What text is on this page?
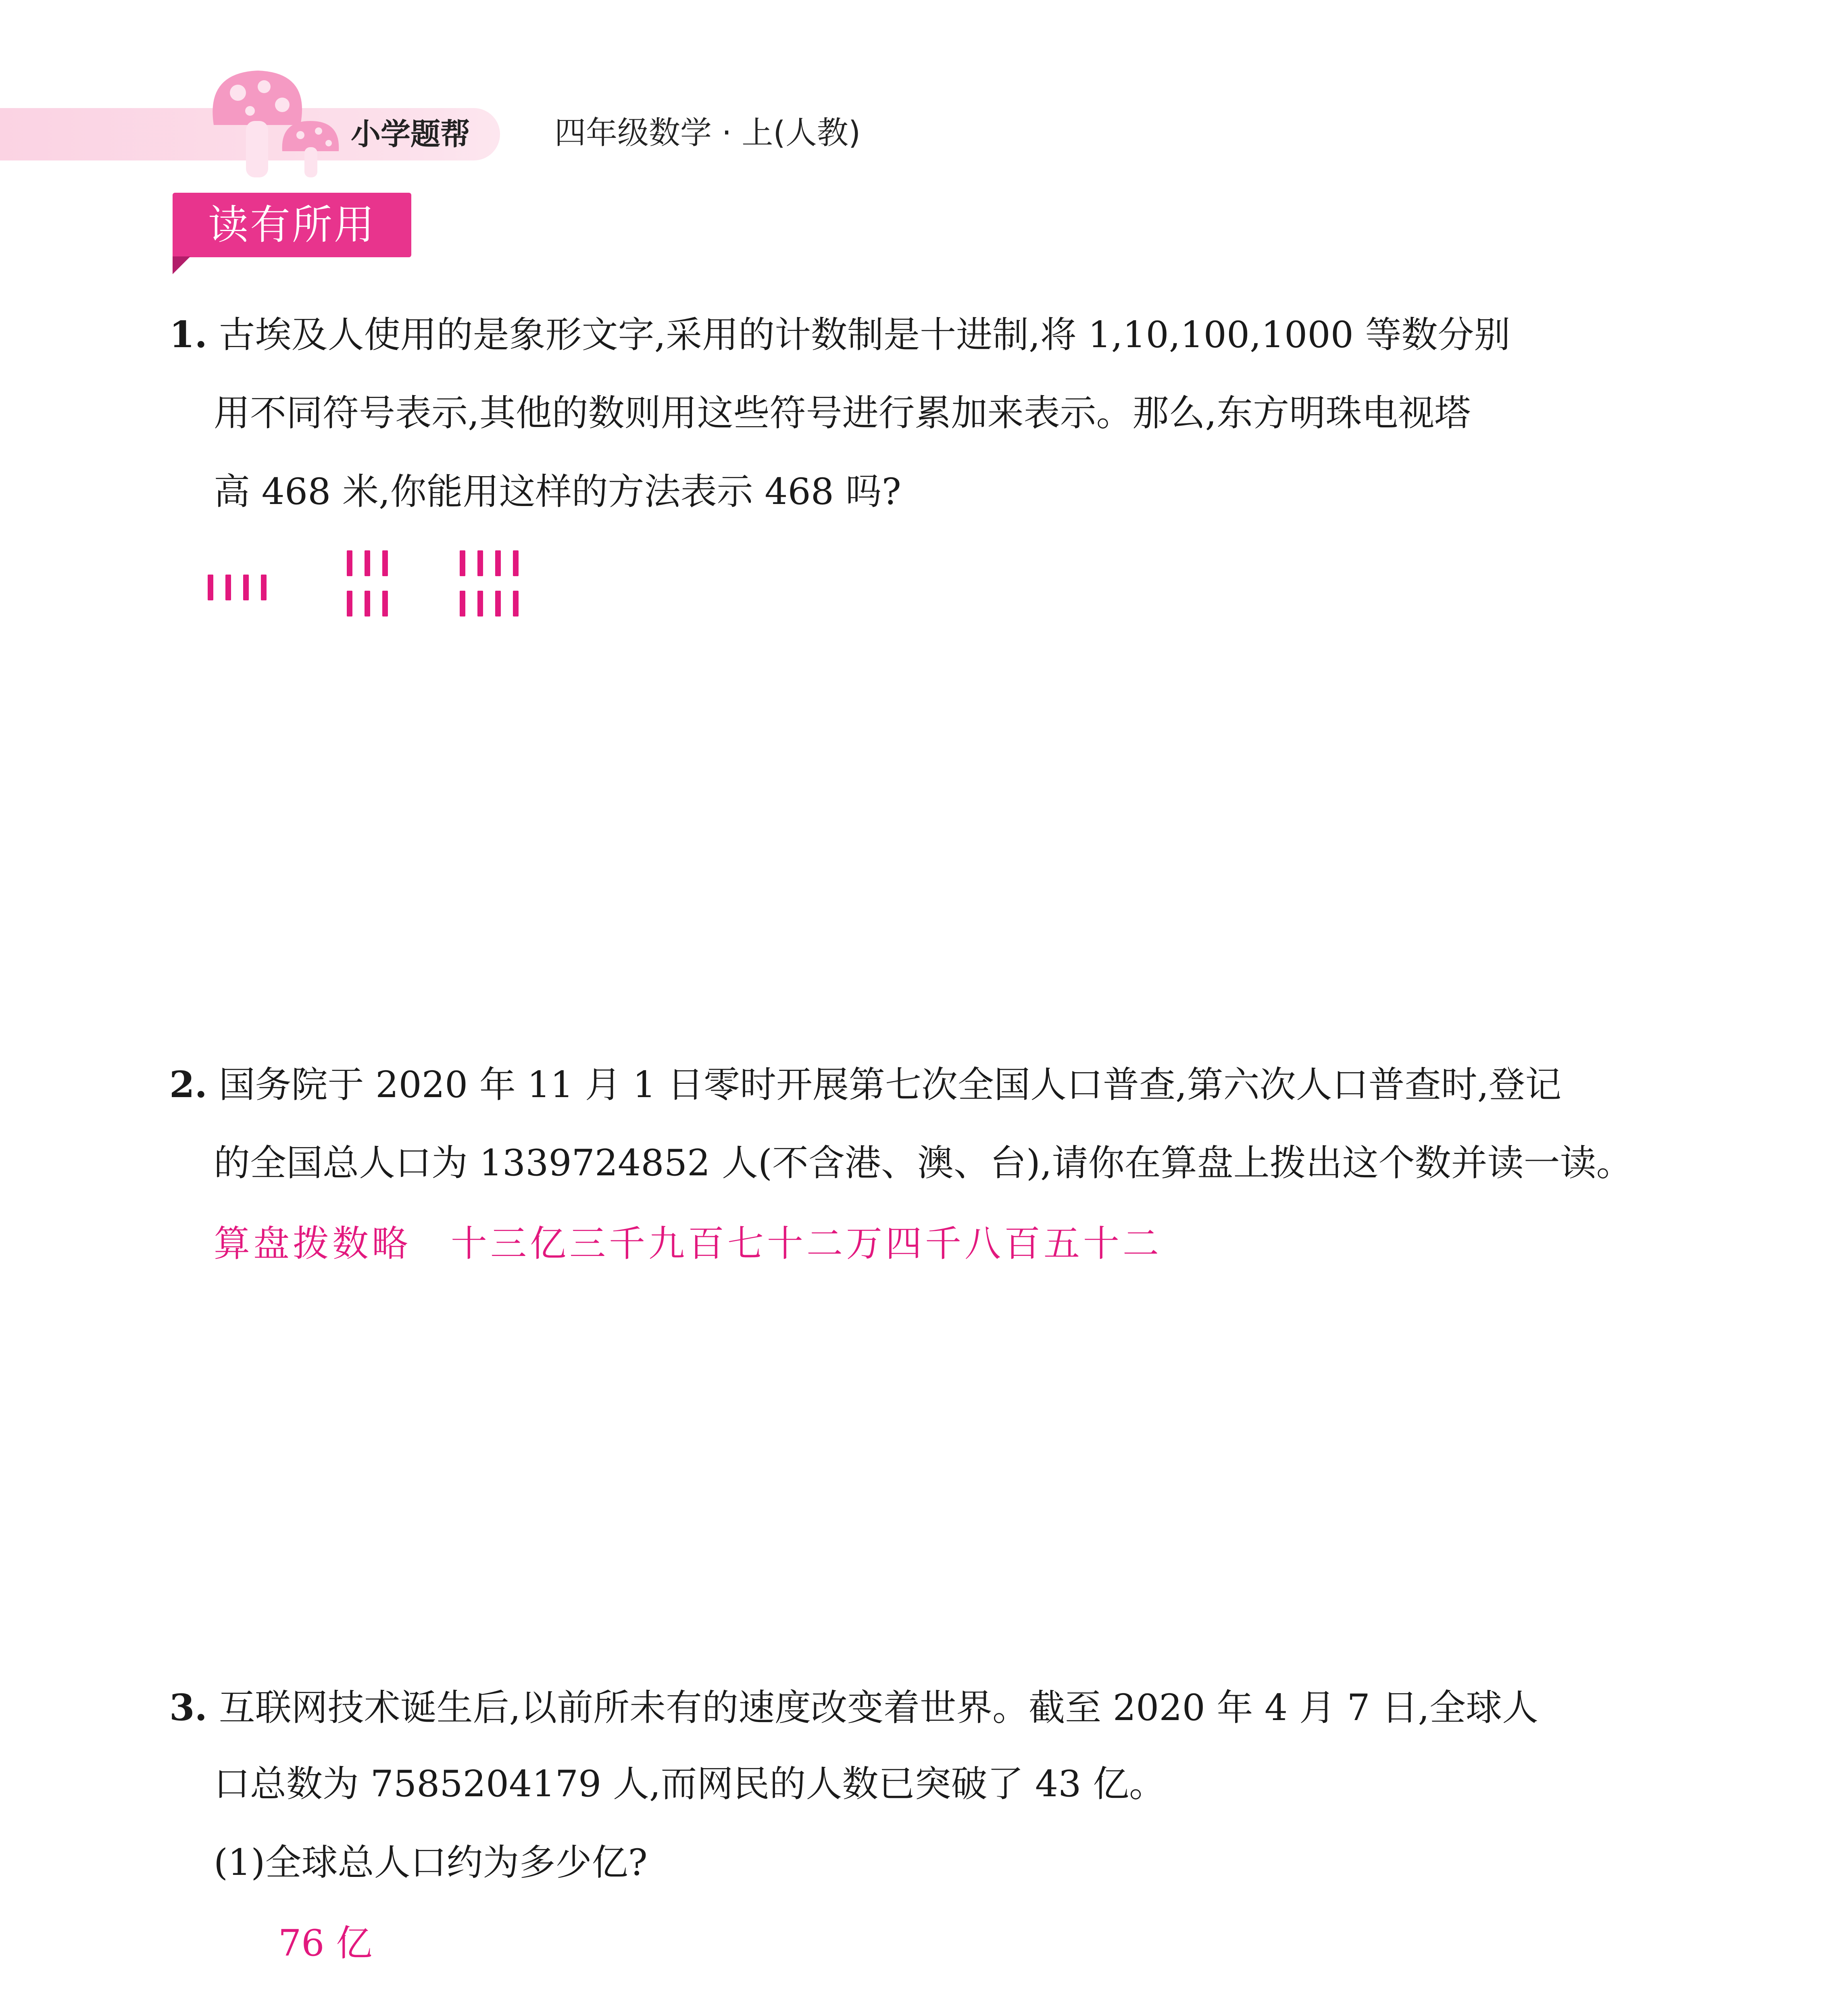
小学题帮	四年级数学 · 上(人教)
读有所用
1. 古埃及人使用的是象形文字,采用的计数制是十进制,将 1,10,100,1000 等数分别
用不同符号表示,其他的数则用这些符号进行累加来表示。那么,东方明珠电视塔
高 468 米,你能用这样的方法表示 468 吗?
2. 国务院于 2020 年 11 月 1 日零时开展第七次全国人口普查,第六次人口普查时,登记
的全国总人口为 1339724852 人(不含港、澳、台),请你在算盘上拨出这个数并读一读。
算盘拨数略　十三亿三千九百七十二万四千八百五十二
3. 互联网技术诞生后,以前所未有的速度改变着世界。截至 2020 年 4 月 7 日,全球人
口总数为 7585204179 人,而网民的人数已突破了 43 亿。
(1)全球总人口约为多少亿?
76 亿
